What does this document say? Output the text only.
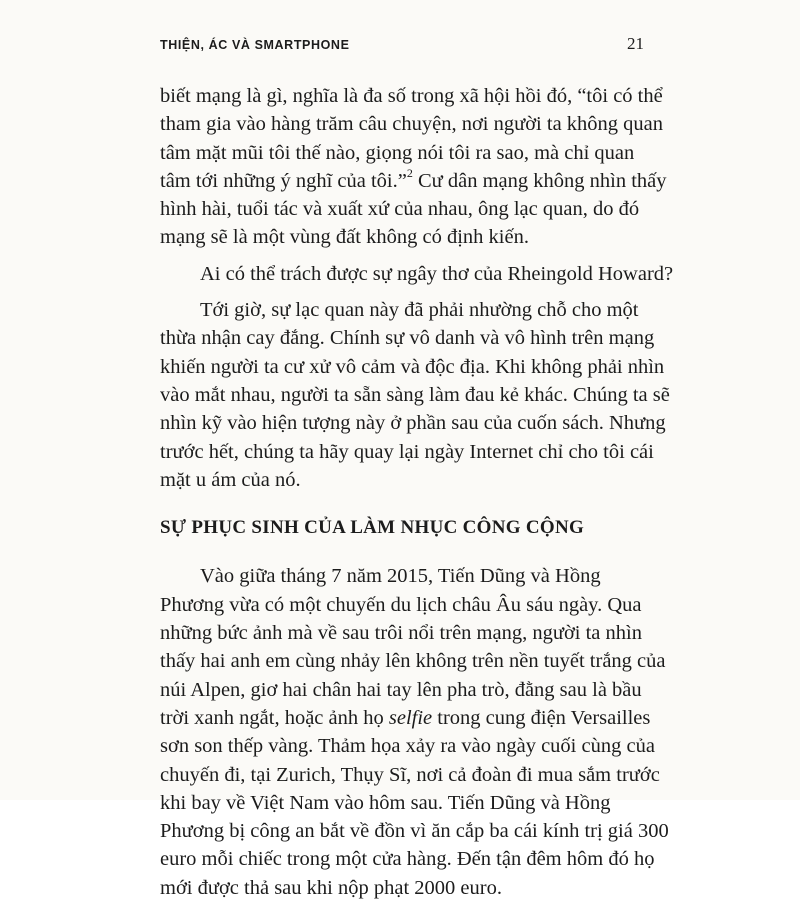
THIỆN, ÁC VÀ SMARTPHONE	21
biết mạng là gì, nghĩa là đa số trong xã hội hồi đó, “tôi có thể
tham gia vào hàng trăm câu chuyện, nơi người ta không quan
tâm mặt mũi tôi thế nào, giọng nói tôi ra sao, mà chỉ quan
tâm tới những ý nghĩ của tôi.”$^2$ Cư dân mạng không nhìn thấy
hình hài, tuổi tác và xuất xứ của nhau, ông lạc quan, do đó
mạng sẽ là một vùng đất không có định kiến.
Ai có thể trách được sự ngây thơ của Rheingold Howard?
Tới giờ, sự lạc quan này đã phải nhường chỗ cho một
thừa nhận cay đắng. Chính sự vô danh và vô hình trên mạng
khiến người ta cư xử vô cảm và độc địa. Khi không phải nhìn
vào mắt nhau, người ta sẵn sàng làm đau kẻ khác. Chúng ta sẽ
nhìn kỹ vào hiện tượng này ở phần sau của cuốn sách. Nhưng
trước hết, chúng ta hãy quay lại ngày Internet chỉ cho tôi cái
mặt u ám của nó.
SỰ PHỤC SINH CỦA LÀM NHỤC CÔNG CỘNG
Vào giữa tháng 7 năm 2015, Tiến Dũng và Hồng
Phương vừa có một chuyến du lịch châu Âu sáu ngày. Qua
những bức ảnh mà về sau trôi nổi trên mạng, người ta nhìn
thấy hai anh em cùng nhảy lên không trên nền tuyết trắng của
núi Alpen, giơ hai chân hai tay lên pha trò, đằng sau là bầu
trời xanh ngắt, hoặc ảnh họ selfie trong cung điện Versailles
sơn son thếp vàng. Thảm họa xảy ra vào ngày cuối cùng của
chuyến đi, tại Zurich, Thụy Sĩ, nơi cả đoàn đi mua sắm trước
khi bay về Việt Nam vào hôm sau. Tiến Dũng và Hồng
Phương bị công an bắt về đồn vì ăn cắp ba cái kính trị giá 300
euro mỗi chiếc trong một cửa hàng. Đến tận đêm hôm đó họ
mới được thả sau khi nộp phạt 2000 euro.
